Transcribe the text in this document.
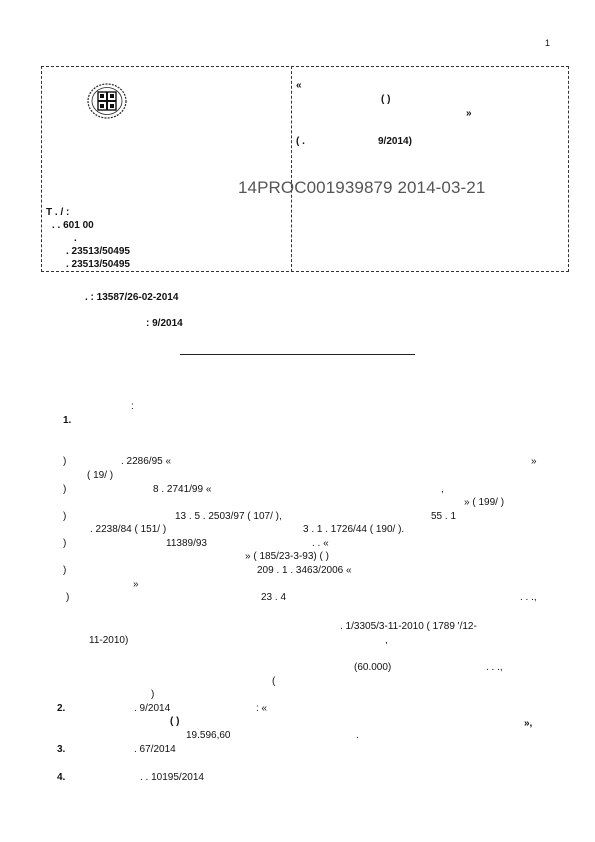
1
Τ . / :
. . 601 00
.
. 23513/50495
. 23513/50495
«
( )
»
( .	9/2014)
14PROC001939879 2014-03-21
. : 13587/26-02-2014
: 9/2014
:
1.
)	. 2286/95 «	»
( 19/ )
)	8 . 2741/99 «	,
» ( 199/ )
)	13 . 5 . 2503/97 ( 107/ ),	55 . 1
. 2238/84 ( 151/ )	3 . 1 . 1726/44 ( 190/ ).
)	11389/93	. . «
» ( 185/23-3-93) ( )
)	209 . 1 . 3463/2006 «
»
)	23 . 4	. . .,
. 1/3305/3-11-2010 ( 1789 '/12-
11-2010)	,
(60.000)	. . .,
(
)
2.	. 9/2014	: «
( )	»,
19.596,60	.
3.	. 67/2014
4.	. . 10195/2014
